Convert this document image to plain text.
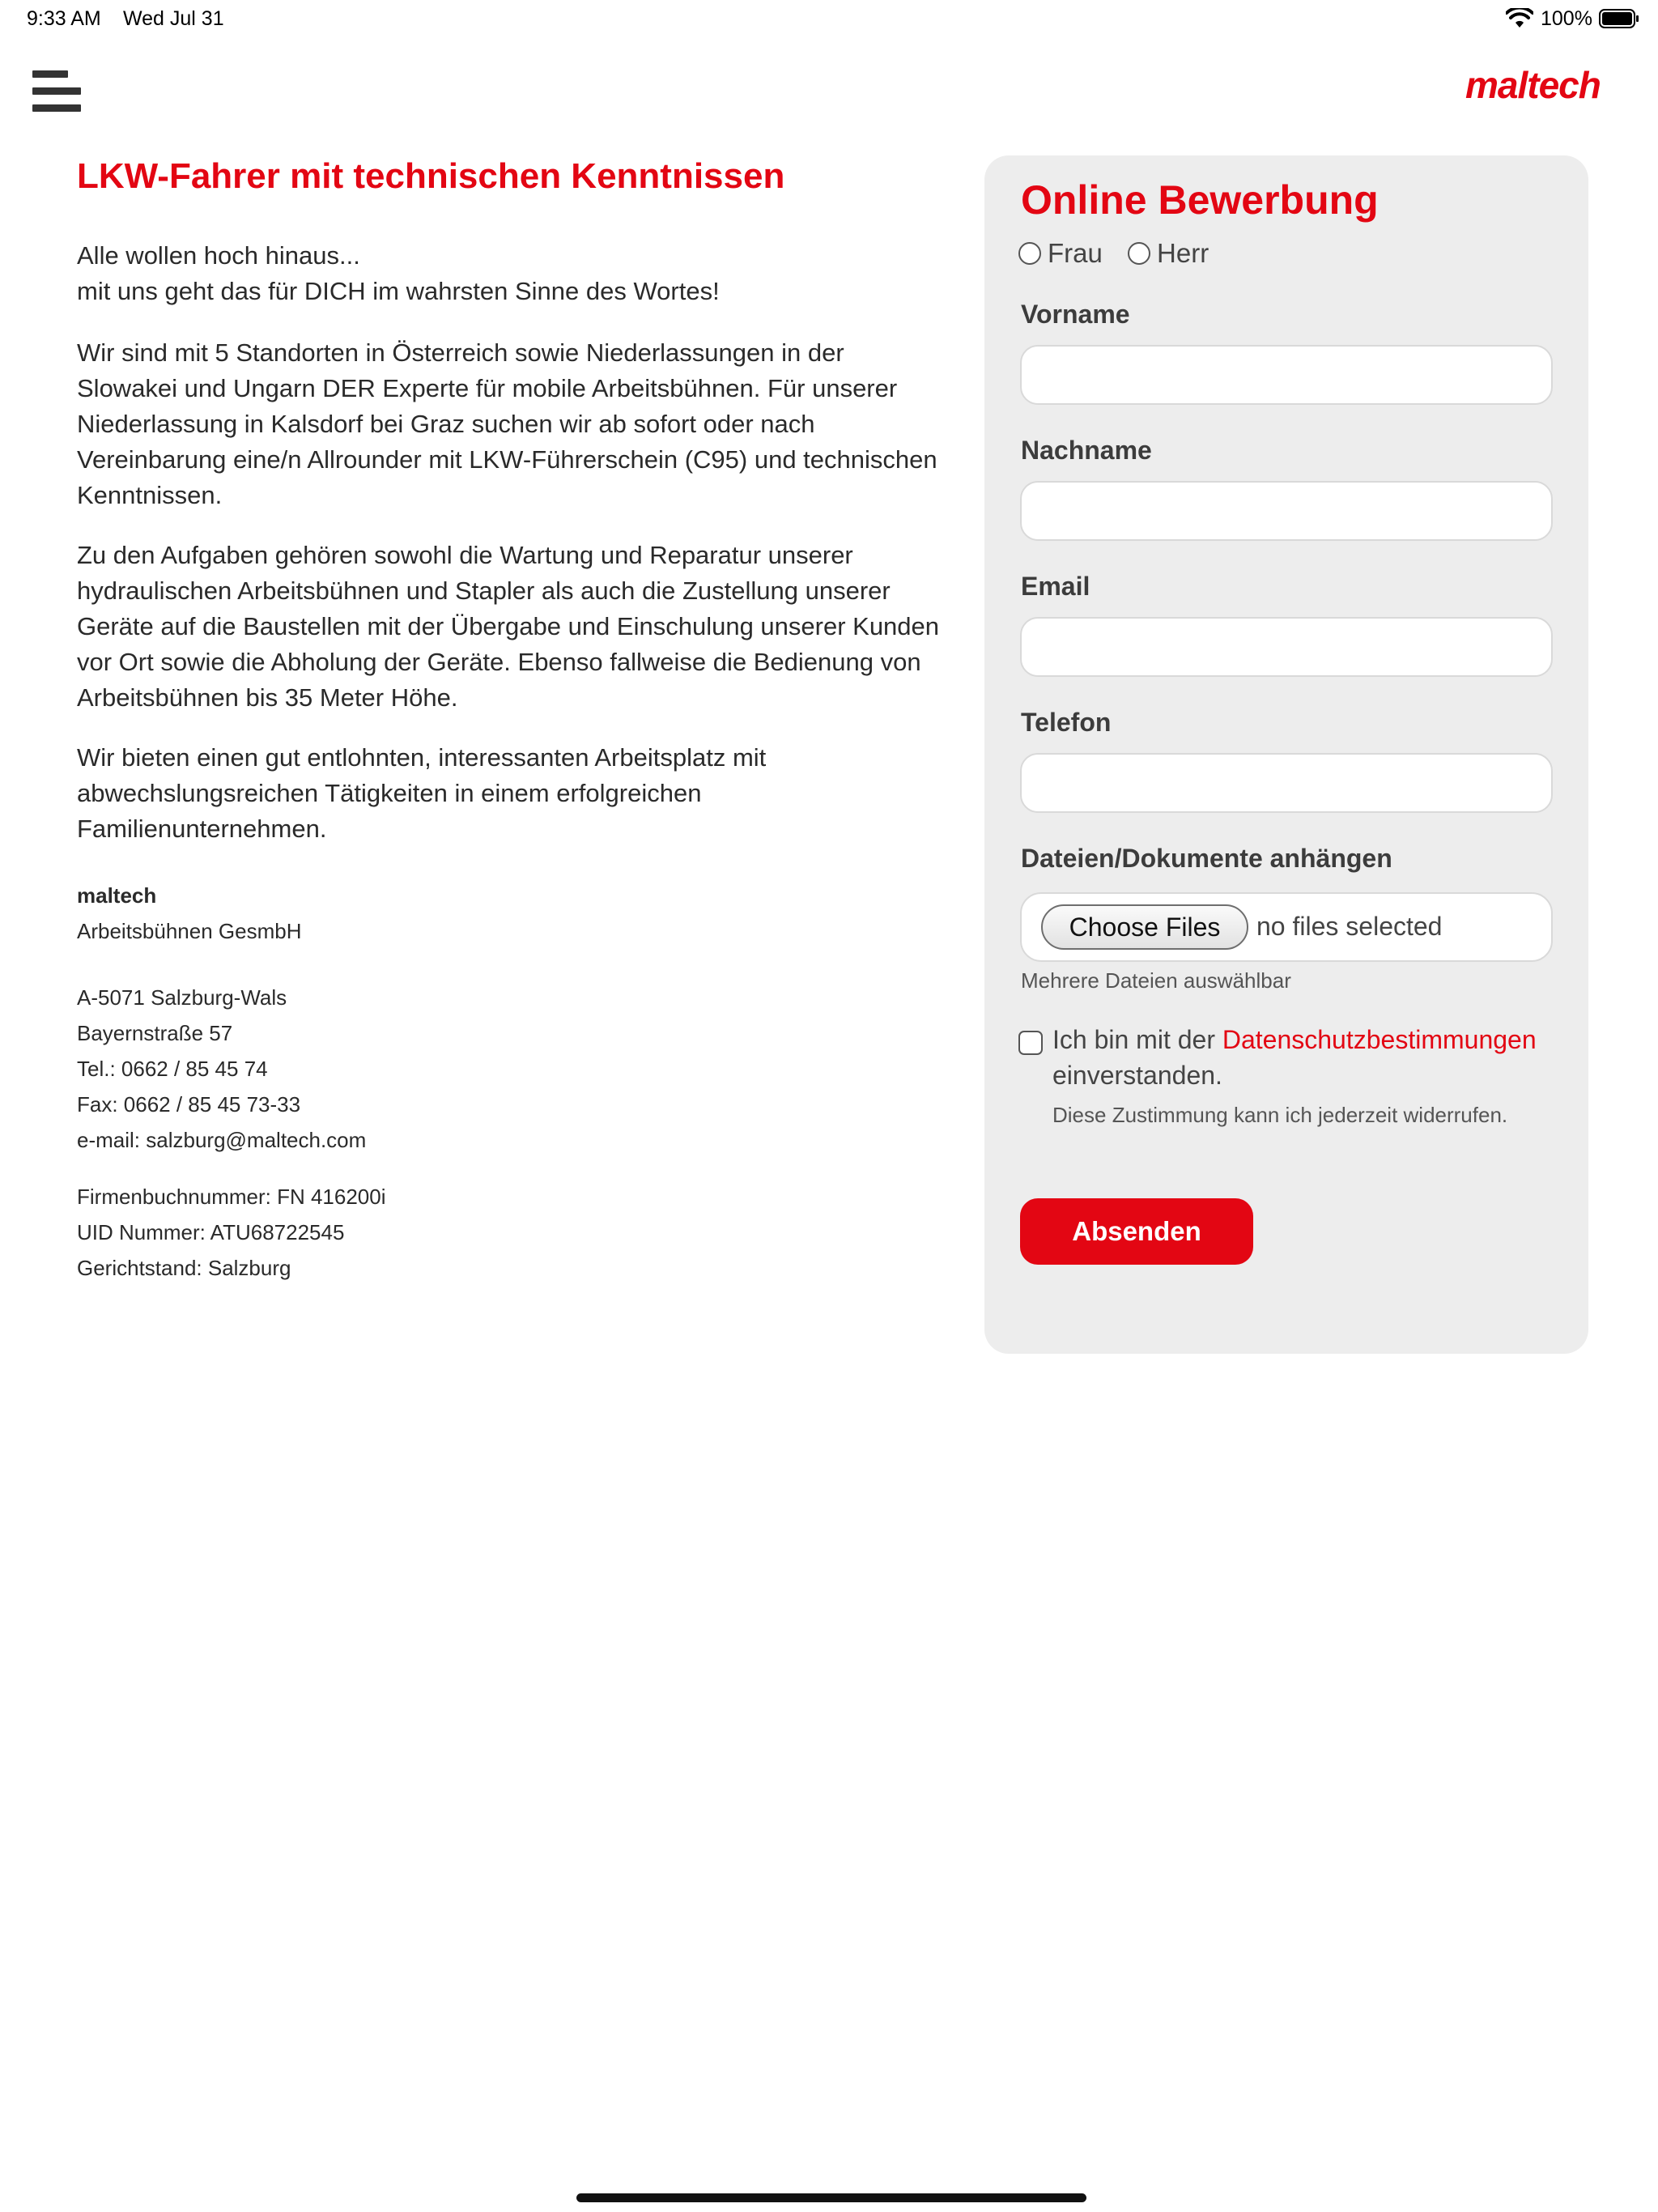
9:33 AM Wed Jul 31	100%
maltech
LKW-Fahrer mit technischen Kenntnissen
Alle wollen hoch hinaus...
mit uns geht das für DICH im wahrsten Sinne des Wortes!

Wir sind mit 5 Standorten in Österreich sowie Niederlassungen in der Slowakei und Ungarn DER Experte für mobile Arbeitsbühnen. Für unserer Niederlassung in Kalsdorf bei Graz suchen wir ab sofort oder nach Vereinbarung eine/n Allrounder mit LKW-Führerschein (C95) und technischen Kenntnissen.

Zu den Aufgaben gehören sowohl die Wartung und Reparatur unserer hydraulischen Arbeitsbühnen und Stapler als auch die Zustellung unserer Geräte auf die Baustellen mit der Übergabe und Einschulung unserer Kunden vor Ort sowie die Abholung der Geräte. Ebenso fallweise die Bedienung von Arbeitsbühnen bis 35 Meter Höhe.

Wir bieten einen gut entlohnten, interessanten Arbeitsplatz mit abwechslungsreichen Tätigkeiten in einem erfolgreichen Familienunternehmen.

maltech

Arbeitsbühnen GesmbH

A-5071 Salzburg-Wals

Bayernstraße 57

Tel.: 0662 / 85 45 74

Fax: 0662 / 85 45 73-33

e-mail: salzburg@maltech.com

Firmenbuchnummer: FN 416200i

UID Nummer: ATU68722545

Gerichtstand: Salzburg

Online Bewerbung
Frau Herr
Vorname
Nachname
Email
Telefon
Dateien/Dokumente anhängen
Choose Files	no files selected
Mehrere Dateien auswählbar
Ich bin mit der Datenschutzbestimmungen einverstanden.
Diese Zustimmung kann ich jederzeit widerrufen.
Absenden
